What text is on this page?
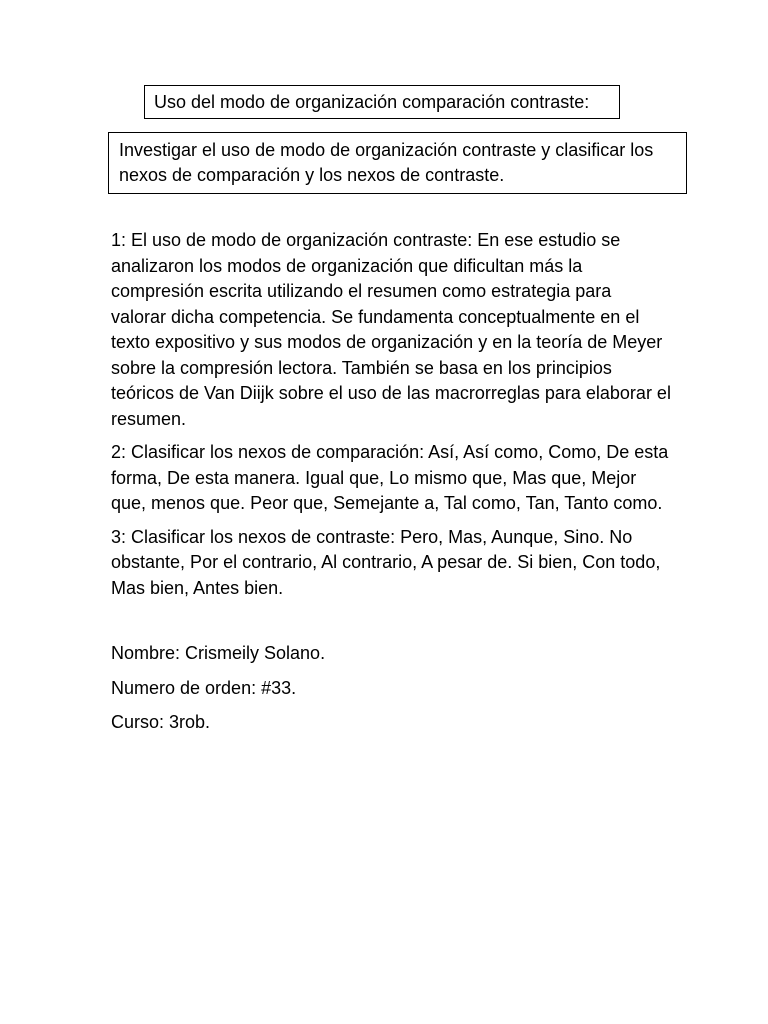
Uso del modo de organización comparación contraste:
Investigar el uso de modo de organización contraste y clasificar los nexos de comparación y los nexos de contraste.

1: El uso de modo de organización contraste: En ese estudio se analizaron los modos de organización que dificultan más la compresión escrita utilizando el resumen como estrategia para valorar dicha competencia. Se fundamenta conceptualmente en el texto expositivo y sus modos de organización y en la teoría de Meyer sobre la compresión lectora. También se basa en los principios teóricos de Van Diijk sobre el uso de las macrorreglas para elaborar el resumen.

2: Clasificar los nexos de comparación: Así, Así como, Como, De esta forma, De esta manera. Igual que, Lo mismo que, Mas que, Mejor que, menos que. Peor que, Semejante a, Tal como, Tan, Tanto como.

3: Clasificar los nexos de contraste: Pero, Mas, Aunque, Sino. No obstante, Por el contrario, Al contrario, A pesar de. Si bien, Con todo, Mas bien, Antes bien.

Nombre: Crismeily Solano.

Numero de orden: #33.

Curso: 3rob.
